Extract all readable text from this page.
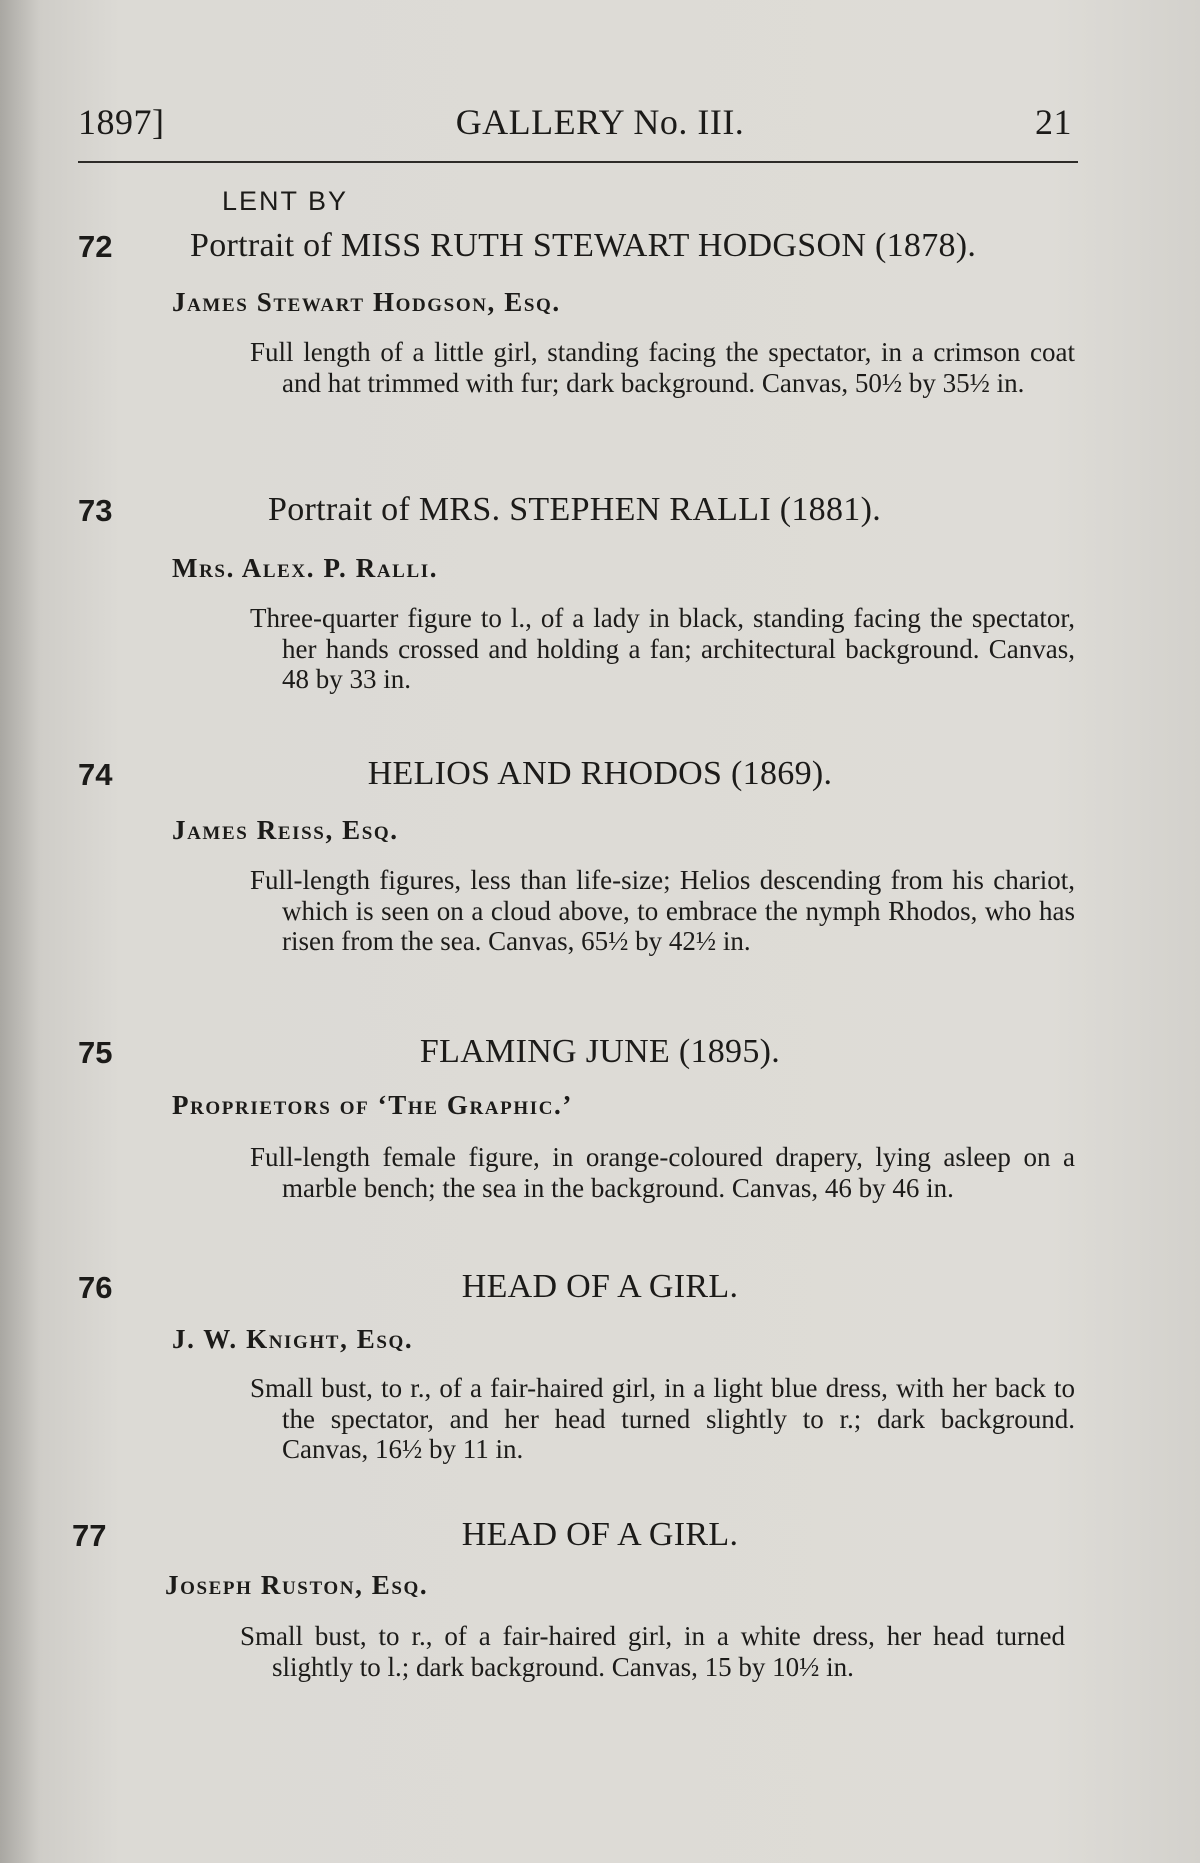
1897]	GALLERY No. III.	21
LENT BY
72 Portrait of MISS RUTH STEWART HODGSON (1878).
James Stewart Hodgson, Esq.
Full length of a little girl, standing facing the spectator, in a crimson coat and hat trimmed with fur; dark background. Canvas, 50½ by 35½ in.
73	Portrait of MRS. STEPHEN RALLI (1881).
Mrs. Alex. P. Ralli.
Three-quarter figure to l., of a lady in black, standing facing the spectator, her hands crossed and holding a fan; architectural background. Canvas, 48 by 33 in.
74	HELIOS AND RHODOS (1869).
James Reiss, Esq.
Full-length figures, less than life-size; Helios descending from his chariot, which is seen on a cloud above, to embrace the nymph Rhodos, who has risen from the sea. Canvas, 65½ by 42½ in.
75	FLAMING JUNE (1895).
Proprietors of ‘The Graphic.’
Full-length female figure, in orange-coloured drapery, lying asleep on a marble bench; the sea in the background. Canvas, 46 by 46 in.
76	HEAD OF A GIRL.
J. W. Knight, Esq.
Small bust, to r., of a fair-haired girl, in a light blue dress, with her back to the spectator, and her head turned slightly to r.; dark background. Canvas, 16½ by 11 in.
77	HEAD OF A GIRL.
Joseph Ruston, Esq.
Small bust, to r., of a fair-haired girl, in a white dress, her head turned slightly to l.; dark background. Canvas, 15 by 10½ in.
